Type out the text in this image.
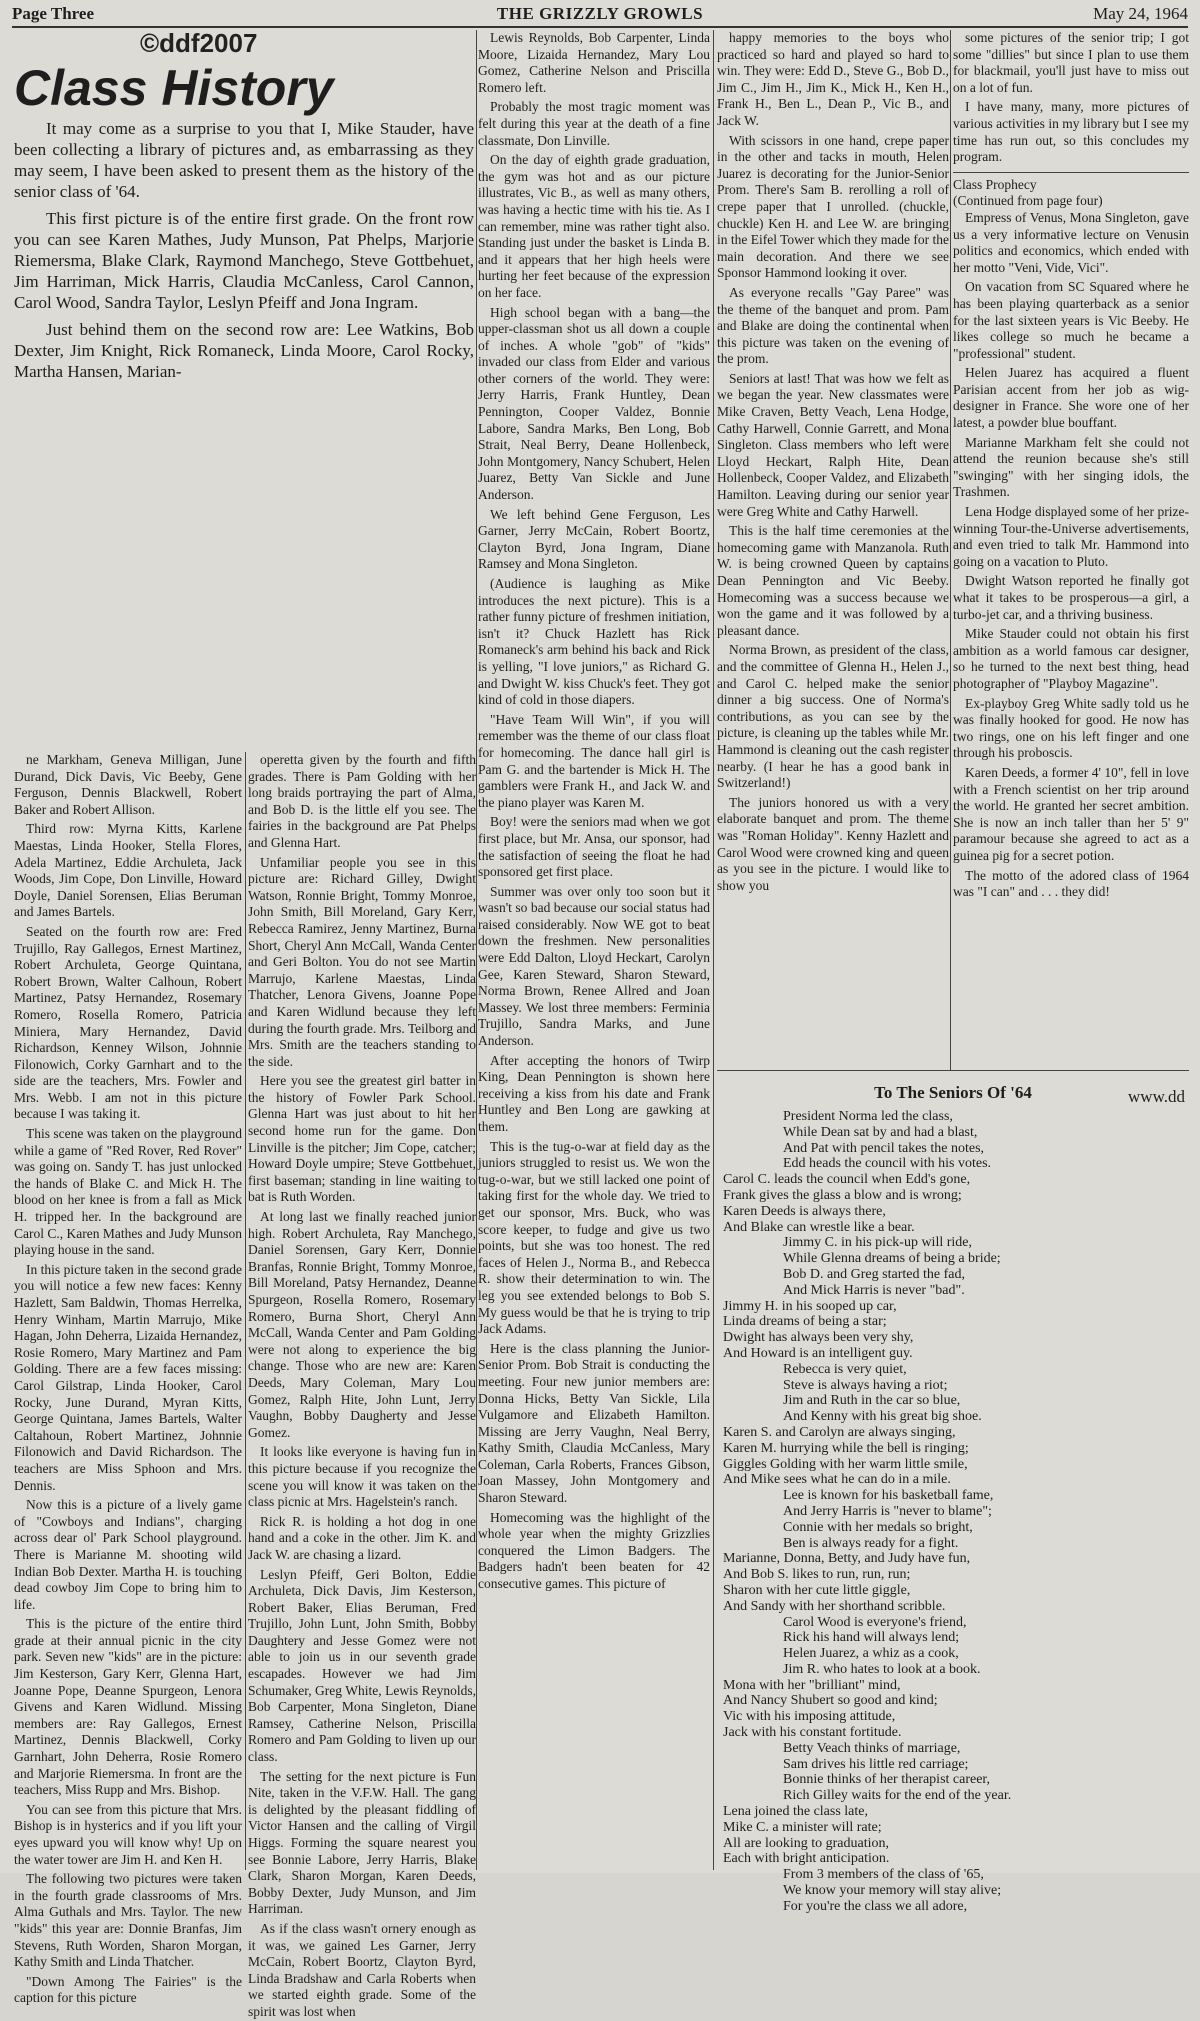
Page Three	THE GRIZZLY GROWLS	May 24, 1964
©ddf2007
Class History

It may come as a surprise to you that I, Mike Stauder, have been collecting a library of pictures and, as embarrassing as they may seem, I have been asked to present them as the history of the senior class of '64.

This first picture is of the entire first grade. On the front row you can see Karen Mathes, Judy Munson, Pat Phelps, Marjorie Riemersma, Blake Clark, Raymond Manchego, Steve Gottbehuet, Jim Harriman, Mick Harris, Claudia McCanless, Carol Cannon, Carol Wood, Sandra Taylor, Leslyn Pfeiff and Jona Ingram.

Just behind them on the second row are: Lee Watkins, Bob Dexter, Jim Knight, Rick Romaneck, Linda Moore, Carol Rocky, Martha Hansen, Marian-

ne Markham, Geneva Milligan, June Durand, Dick Davis, Vic Beeby, Gene Ferguson, Dennis Blackwell, Robert Baker and Robert Allison.

Third row: Myrna Kitts, Karlene Maestas, Linda Hooker, Stella Flores, Adela Martinez, Eddie Archuleta, Jack Woods, Jim Cope, Don Linville, Howard Doyle, Daniel Sorensen, Elias Beruman and James Bartels.

Seated on the fourth row are: Fred Trujillo, Ray Gallegos, Ernest Martinez, Robert Archuleta, George Quintana, Robert Brown, Walter Calhoun, Robert Martinez, Patsy Hernandez, Rosemary Romero, Rosella Romero, Patricia Miniera, Mary Hernandez, David Richardson, Kenney Wilson, Johnnie Filonowich, Corky Garnhart and to the side are the teachers, Mrs. Fowler and Mrs. Webb. I am not in this picture because I was taking it.

This scene was taken on the playground while a game of "Red Rover, Red Rover" was going on. Sandy T. has just unlocked the hands of Blake C. and Mick H. The blood on her knee is from a fall as Mick H. tripped her. In the background are Carol C., Karen Mathes and Judy Munson playing house in the sand.

In this picture taken in the second grade you will notice a few new faces: Kenny Hazlett, Sam Baldwin, Thomas Herrelka, Henry Winham, Martin Marrujo, Mike Hagan, John Deherra, Lizaida Hernandez, Rosie Romero, Mary Martinez and Pam Golding. There are a few faces missing: Carol Gilstrap, Linda Hooker, Carol Rocky, June Durand, Myran Kitts, George Quintana, James Bartels, Walter Caltahoun, Robert Martinez, Johnnie Filonowich and David Richardson. The teachers are Miss Sphoon and Mrs. Dennis.

Now this is a picture of a lively game of "Cowboys and Indians", charging across dear ol' Park School playground. There is Marianne M. shooting wild Indian Bob Dexter. Martha H. is touching dead cowboy Jim Cope to bring him to life.

This is the picture of the entire third grade at their annual picnic in the city park. Seven new "kids" are in the picture: Jim Kesterson, Gary Kerr, Glenna Hart, Joanne Pope, Deanne Spurgeon, Lenora Givens and Karen Widlund. Missing members are: Ray Gallegos, Ernest Martinez, Dennis Blackwell, Corky Garnhart, John Deherra, Rosie Romero and Marjorie Riemersma. In front are the teachers, Miss Rupp and Mrs. Bishop.

You can see from this picture that Mrs. Bishop is in hysterics and if you lift your eyes upward you will know why! Up on the water tower are Jim H. and Ken H.

The following two pictures were taken in the fourth grade classrooms of Mrs. Alma Guthals and Mrs. Taylor. The new "kids" this year are: Donnie Branfas, Jim Stevens, Ruth Worden, Sharon Morgan, Kathy Smith and Linda Thatcher.

"Down Among The Fairies" is the caption for this picture

operetta given by the fourth and fifth grades. There is Pam Golding with her long braids portraying the part of Alma, and Bob D. is the little elf you see. The fairies in the background are Pat Phelps and Glenna Hart.

Unfamiliar people you see in this picture are: Richard Gilley, Dwight Watson, Ronnie Bright, Tommy Monroe, John Smith, Bill Moreland, Gary Kerr, Rebecca Ramirez, Jenny Martinez, Burna Short, Cheryl Ann McCall, Wanda Center and Geri Bolton. You do not see Martin Marrujo, Karlene Maestas, Linda Thatcher, Lenora Givens, Joanne Pope and Karen Widlund because they left during the fourth grade. Mrs. Teilborg and Mrs. Smith are the teachers standing to the side.

Here you see the greatest girl batter in the history of Fowler Park School. Glenna Hart was just about to hit her second home run for the game. Don Linville is the pitcher; Jim Cope, catcher; Howard Doyle umpire; Steve Gottbehuet, first baseman; standing in line waiting to bat is Ruth Worden.

At long last we finally reached junior high. Robert Archuleta, Ray Manchego, Daniel Sorensen, Gary Kerr, Donnie Branfas, Ronnie Bright, Tommy Monroe, Bill Moreland, Patsy Hernandez, Deanne Spurgeon, Rosella Romero, Rosemary Romero, Burna Short, Cheryl Ann McCall, Wanda Center and Pam Golding were not along to experience the big change. Those who are new are: Karen Deeds, Mary Coleman, Mary Lou Gomez, Ralph Hite, John Lunt, Jerry Vaughn, Bobby Daugherty and Jesse Gomez.

It looks like everyone is having fun in this picture because if you recognize the scene you will know it was taken on the class picnic at Mrs. Hagelstein's ranch.

Rick R. is holding a hot dog in one hand and a coke in the other. Jim K. and Jack W. are chasing a lizard.

Leslyn Pfeiff, Geri Bolton, Eddie Archuleta, Dick Davis, Jim Kesterson, Robert Baker, Elias Beruman, Fred Trujillo, John Lunt, John Smith, Bobby Daughtery and Jesse Gomez were not able to join us in our seventh grade escapades. However we had Jim Schumaker, Greg White, Lewis Reynolds, Bob Carpenter, Mona Singleton, Diane Ramsey, Catherine Nelson, Priscilla Romero and Pam Golding to liven up our class.

The setting for the next picture is Fun Nite, taken in the V.F.W. Hall. The gang is delighted by the pleasant fiddling of Victor Hansen and the calling of Virgil Higgs. Forming the square nearest you see Bonnie Labore, Jerry Harris, Blake Clark, Sharon Morgan, Karen Deeds, Bobby Dexter, Judy Munson, and Jim Harriman.

As if the class wasn't ornery enough as it was, we gained Les Garner, Jerry McCain, Robert Boortz, Clayton Byrd, Linda Bradshaw and Carla Roberts when we started eighth grade. Some of the spirit was lost when

Lewis Reynolds, Bob Carpenter, Linda Moore, Lizaida Hernandez, Mary Lou Gomez, Catherine Nelson and Priscilla Romero left.

Probably the most tragic moment was felt during this year at the death of a fine classmate, Don Linville.

On the day of eighth grade graduation, the gym was hot and as our picture illustrates, Vic B., as well as many others, was having a hectic time with his tie. As I can remember, mine was rather tight also. Standing just under the basket is Linda B. and it appears that her high heels were hurting her feet because of the expression on her face.

High school began with a bang—the upper-classman shot us all down a couple of inches. A whole "gob" of "kids" invaded our class from Elder and various other corners of the world. They were: Jerry Harris, Frank Huntley, Dean Pennington, Cooper Valdez, Bonnie Labore, Sandra Marks, Ben Long, Bob Strait, Neal Berry, Deane Hollenbeck, John Montgomery, Nancy Schubert, Helen Juarez, Betty Van Sickle and June Anderson.

We left behind Gene Ferguson, Les Garner, Jerry McCain, Robert Boortz, Clayton Byrd, Jona Ingram, Diane Ramsey and Mona Singleton.

(Audience is laughing as Mike introduces the next picture). This is a rather funny picture of freshmen initiation, isn't it? Chuck Hazlett has Rick Romaneck's arm behind his back and Rick is yelling, "I love juniors," as Richard G. and Dwight W. kiss Chuck's feet. They got kind of cold in those diapers.

"Have Team Will Win", if you will remember was the theme of our class float for homecoming. The dance hall girl is Pam G. and the bartender is Mick H. The gamblers were Frank H., and Jack W. and the piano player was Karen M.

Boy! were the seniors mad when we got first place, but Mr. Ansa, our sponsor, had the satisfaction of seeing the float he had sponsored get first place.

Summer was over only too soon but it wasn't so bad because our social status had raised considerably. Now WE got to beat down the freshmen. New personalities were Edd Dalton, Lloyd Heckart, Carolyn Gee, Karen Steward, Sharon Steward, Norma Brown, Renee Allred and Joan Massey. We lost three members: Ferminia Trujillo, Sandra Marks, and June Anderson.

After accepting the honors of Twirp King, Dean Pennington is shown here receiving a kiss from his date and Frank Huntley and Ben Long are gawking at them.

This is the tug-o-war at field day as the juniors struggled to resist us. We won the tug-o-war, but we still lacked one point of taking first for the whole day. We tried to get our sponsor, Mrs. Buck, who was score keeper, to fudge and give us two points, but she was too honest. The red faces of Helen J., Norma B., and Rebecca R. show their determination to win. The leg you see extended belongs to Bob S. My guess would be that he is trying to trip Jack Adams.

Here is the class planning the Junior-Senior Prom. Bob Strait is conducting the meeting. Four new junior members are: Donna Hicks, Betty Van Sickle, Lila Vulgamore and Elizabeth Hamilton. Missing are Jerry Vaughn, Neal Berry, Kathy Smith, Claudia McCanless, Mary Coleman, Carla Roberts, Frances Gibson, Joan Massey, John Montgomery and Sharon Steward.

Homecoming was the highlight of the whole year when the mighty Grizzlies conquered the Limon Badgers. The Badgers hadn't been beaten for 42 consecutive games. This picture of

happy memories to the boys who practiced so hard and played so hard to win. They were: Edd D., Steve G., Bob D., Jim C., Jim H., Jim K., Mick H., Ken H., Frank H., Ben L., Dean P., Vic B., and Jack W.

With scissors in one hand, crepe paper in the other and tacks in mouth, Helen Juarez is decorating for the Junior-Senior Prom. There's Sam B. rerolling a roll of crepe paper that I unrolled. (chuckle, chuckle) Ken H. and Lee W. are bringing in the Eifel Tower which they made for the main decoration. And there we see Sponsor Hammond looking it over.

As everyone recalls "Gay Paree" was the theme of the banquet and prom. Pam and Blake are doing the continental when this picture was taken on the evening of the prom.

Seniors at last! That was how we felt as we began the year. New classmates were Mike Craven, Betty Veach, Lena Hodge, Cathy Harwell, Connie Garrett, and Mona Singleton. Class members who left were Lloyd Heckart, Ralph Hite, Dean Hollenbeck, Cooper Valdez, and Elizabeth Hamilton. Leaving during our senior year were Greg White and Cathy Harwell.

This is the half time ceremonies at the homecoming game with Manzanola. Ruth W. is being crowned Queen by captains Dean Pennington and Vic Beeby. Homecoming was a success because we won the game and it was followed by a pleasant dance.

Norma Brown, as president of the class, and the committee of Glenna H., Helen J., and Carol C. helped make the senior dinner a big success. One of Norma's contributions, as you can see by the picture, is cleaning up the tables while Mr. Hammond is cleaning out the cash register nearby. (I hear he has a good bank in Switzerland!)

The juniors honored us with a very elaborate banquet and prom. The theme was "Roman Holiday". Kenny Hazlett and Carol Wood were crowned king and queen as you see in the picture. I would like to show you

some pictures of the senior trip; I got some "dillies" but since I plan to use them for blackmail, you'll just have to miss out on a lot of fun.

I have many, many, more pictures of various activities in my library but I see my time has run out, so this concludes my program.

Class Prophecy
(Continued from page four)

Empress of Venus, Mona Singleton, gave us a very informative lecture on Venusin politics and economics, which ended with her motto "Veni, Vide, Vici".

On vacation from SC Squared where he has been playing quarterback as a senior for the last sixteen years is Vic Beeby. He likes college so much he became a "professional" student.

Helen Juarez has acquired a fluent Parisian accent from her job as wig-designer in France. She wore one of her latest, a powder blue bouffant.

Marianne Markham felt she could not attend the reunion because she's still "swinging" with her singing idols, the Trashmen.

Lena Hodge displayed some of her prize-winning Tour-the-Universe advertisements, and even tried to talk Mr. Hammond into going on a vacation to Pluto.

Dwight Watson reported he finally got what it takes to be prosperous—a girl, a turbo-jet car, and a thriving business.

Mike Stauder could not obtain his first ambition as a world famous car designer, so he turned to the next best thing, head photographer of "Playboy Magazine".

Ex-playboy Greg White sadly told us he was finally hooked for good. He now has two rings, one on his left finger and one through his proboscis.

Karen Deeds, a former 4' 10", fell in love with a French scientist on her trip around the world. He granted her secret ambition. She is now an inch taller than her 5' 9" paramour because she agreed to act as a guinea pig for a secret potion.

The motto of the adored class of 1964 was "I can" and . . . they did!

To The Seniors Of '64	www.dd
President Norma led the class,
While Dean sat by and had a blast,
And Pat with pencil takes the notes,
Edd heads the council with his votes.
Carol C. leads the council when Edd's gone,
Frank gives the glass a blow and is wrong;
Karen Deeds is always there,
And Blake can wrestle like a bear.
Jimmy C. in his pick-up will ride,
While Glenna dreams of being a bride;
Bob D. and Greg started the fad,
And Mick Harris is never "bad".
Jimmy H. in his sooped up car,
Linda dreams of being a star;
Dwight has always been very shy,
And Howard is an intelligent guy.
Rebecca is very quiet,
Steve is always having a riot;
Jim and Ruth in the car so blue,
And Kenny with his great big shoe.
Karen S. and Carolyn are always singing,
Karen M. hurrying while the bell is ringing;
Giggles Golding with her warm little smile,
And Mike sees what he can do in a mile.
Lee is known for his basketball fame,
And Jerry Harris is "never to blame";
Connie with her medals so bright,
Ben is always ready for a fight.
Marianne, Donna, Betty, and Judy have fun,
And Bob S. likes to run, run, run;
Sharon with her cute little giggle,
And Sandy with her shorthand scribble.
Carol Wood is everyone's friend,
Rick his hand will always lend;
Helen Juarez, a whiz as a cook,
Jim R. who hates to look at a book.
Mona with her "brilliant" mind,
And Nancy Shubert so good and kind;
Vic with his imposing attitude,
Jack with his constant fortitude.
Betty Veach thinks of marriage,
Sam drives his little red carriage;
Bonnie thinks of her therapist career,
Rich Gilley waits for the end of the year.
Lena joined the class late,
Mike C. a minister will rate;
All are looking to graduation,
Each with bright anticipation.
From 3 members of the class of '65,
We know your memory will stay alive;
For you're the class we all adore,
